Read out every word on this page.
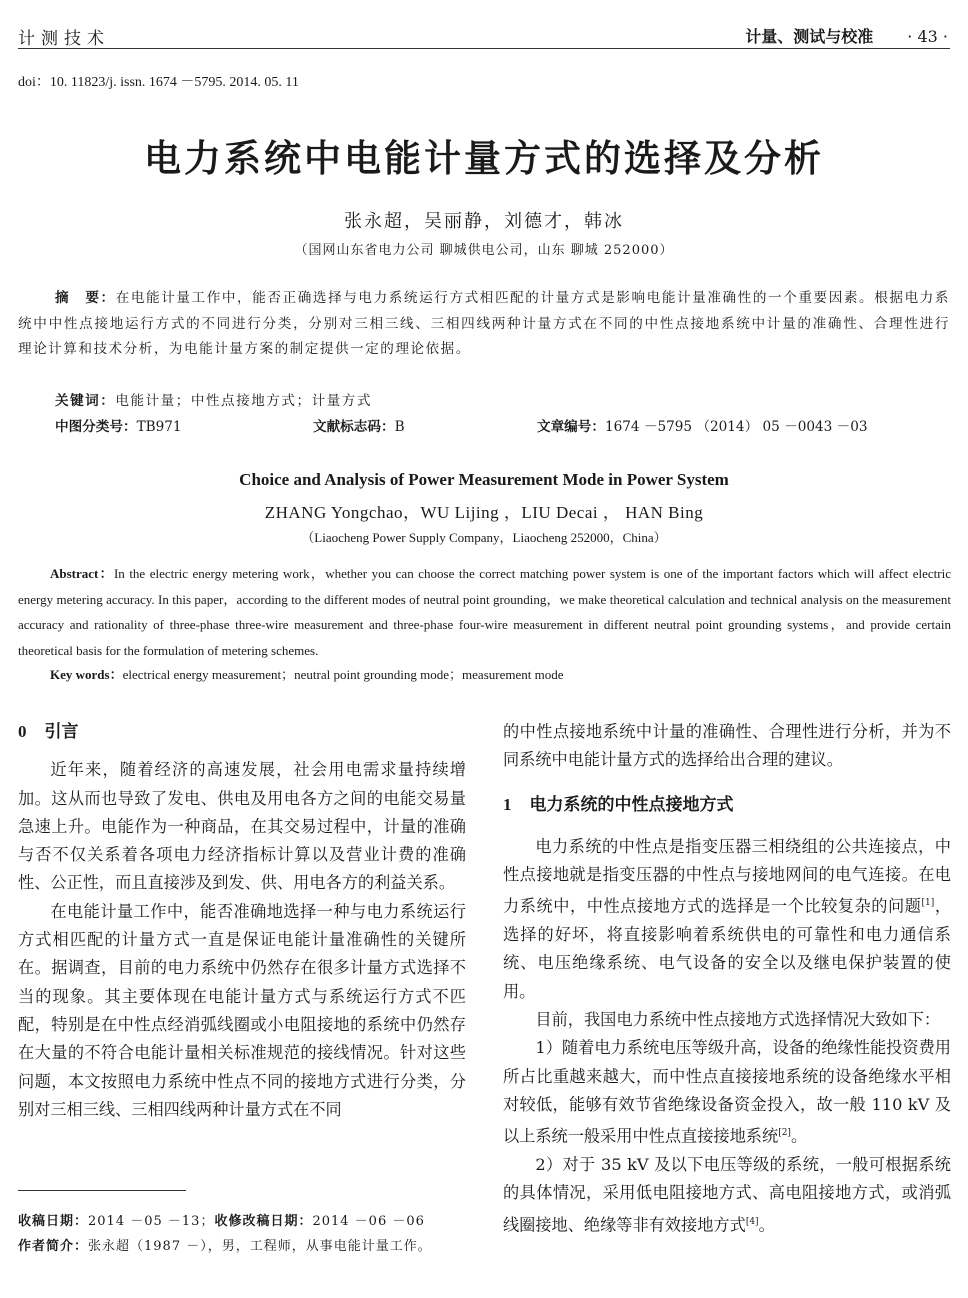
计测技术	计量、测试与校准 · 43 ·
doi：10. 11823/j. issn. 1674 －5795. 2014. 05. 11
电力系统中电能计量方式的选择及分析
张永超，吴丽静，刘德才，韩冰
（国网山东省电力公司 聊城供电公司，山东 聊城 252000）
摘　要：在电能计量工作中，能否正确选择与电力系统运行方式相匹配的计量方式是影响电能计量准确性的一个重要因素。根据电力系统中中性点接地运行方式的不同进行分类，分别对三相三线、三相四线两种计量方式在不同的中性点接地系统中计量的准确性、合理性进行理论计算和技术分析，为电能计量方案的制定提供一定的理论依据。
关键词：电能计量；中性点接地方式；计量方式
中图分类号：TB971	文献标志码：B	文章编号：1674 －5795 （2014） 05 －0043 －03
Choice and Analysis of Power Measurement Mode in Power System
ZHANG Yongchao，WU Lijing ，LIU Decai ， HAN Bing
（Liaocheng Power Supply Company，Liaocheng 252000，China）
Abstract：In the electric energy metering work，whether you can choose the correct matching power system is one of the important factors which will affect electric energy metering accuracy. In this paper，according to the different modes of neutral point grounding，we make theoretical calculation and technical analysis on the measurement accuracy and rationality of three-phase three-wire measurement and three-phase four-wire measurement in different neutral point grounding systems，and provide certain theoretical basis for the formulation of metering schemes.
Key words：electrical energy measurement；neutral point grounding mode；measurement mode
0 引言

近年来，随着经济的高速发展，社会用电需求量持续增加。这从而也导致了发电、供电及用电各方之间的电能交易量急速上升。电能作为一种商品，在其交易过程中，计量的准确与否不仅关系着各项电力经济指标计算以及营业计费的准确性、公正性，而且直接涉及到发、供、用电各方的利益关系。

在电能计量工作中，能否准确地选择一种与电力系统运行方式相匹配的计量方式一直是保证电能计量准确性的关键所在。据调查，目前的电力系统中仍然存在很多计量方式选择不当的现象。其主要体现在电能计量方式与系统运行方式不匹配，特别是在中性点经消弧线圈或小电阻接地的系统中仍然存在大量的不符合电能计量相关标准规范的接线情况。针对这些问题，本文按照电力系统中性点不同的接地方式进行分类，分别对三相三线、三相四线两种计量方式在不同

收稿日期：2014 －05 －13；收修改稿日期：2014 －06 －06
作者简介：张永超（1987 －），男，工程师，从事电能计量工作。

的中性点接地系统中计量的准确性、合理性进行分析，并为不同系统中电能计量方式的选择给出合理的建议。

1 电力系统的中性点接地方式

电力系统的中性点是指变压器三相绕组的公共连接点，中性点接地就是指变压器的中性点与接地网间的电气连接。在电力系统中，中性点接地方式的选择是一个比较复杂的问题[1]，选择的好坏，将直接影响着系统供电的可靠性和电力通信系统、电压绝缘系统、电气设备的安全以及继电保护装置的使用。

目前，我国电力系统中性点接地方式选择情况大致如下：

1）随着电力系统电压等级升高，设备的绝缘性能投资费用所占比重越来越大，而中性点直接接地系统的设备绝缘水平相对较低，能够有效节省绝缘设备资金投入，故一般 110 kV 及以上系统一般采用中性点直接接地系统[2]。

2）对于 35 kV 及以下电压等级的系统，一般可根据系统的具体情况，采用低电阻接地方式、高电阻接地方式，或消弧线圈接地、绝缘等非有效接地方式[4]。
